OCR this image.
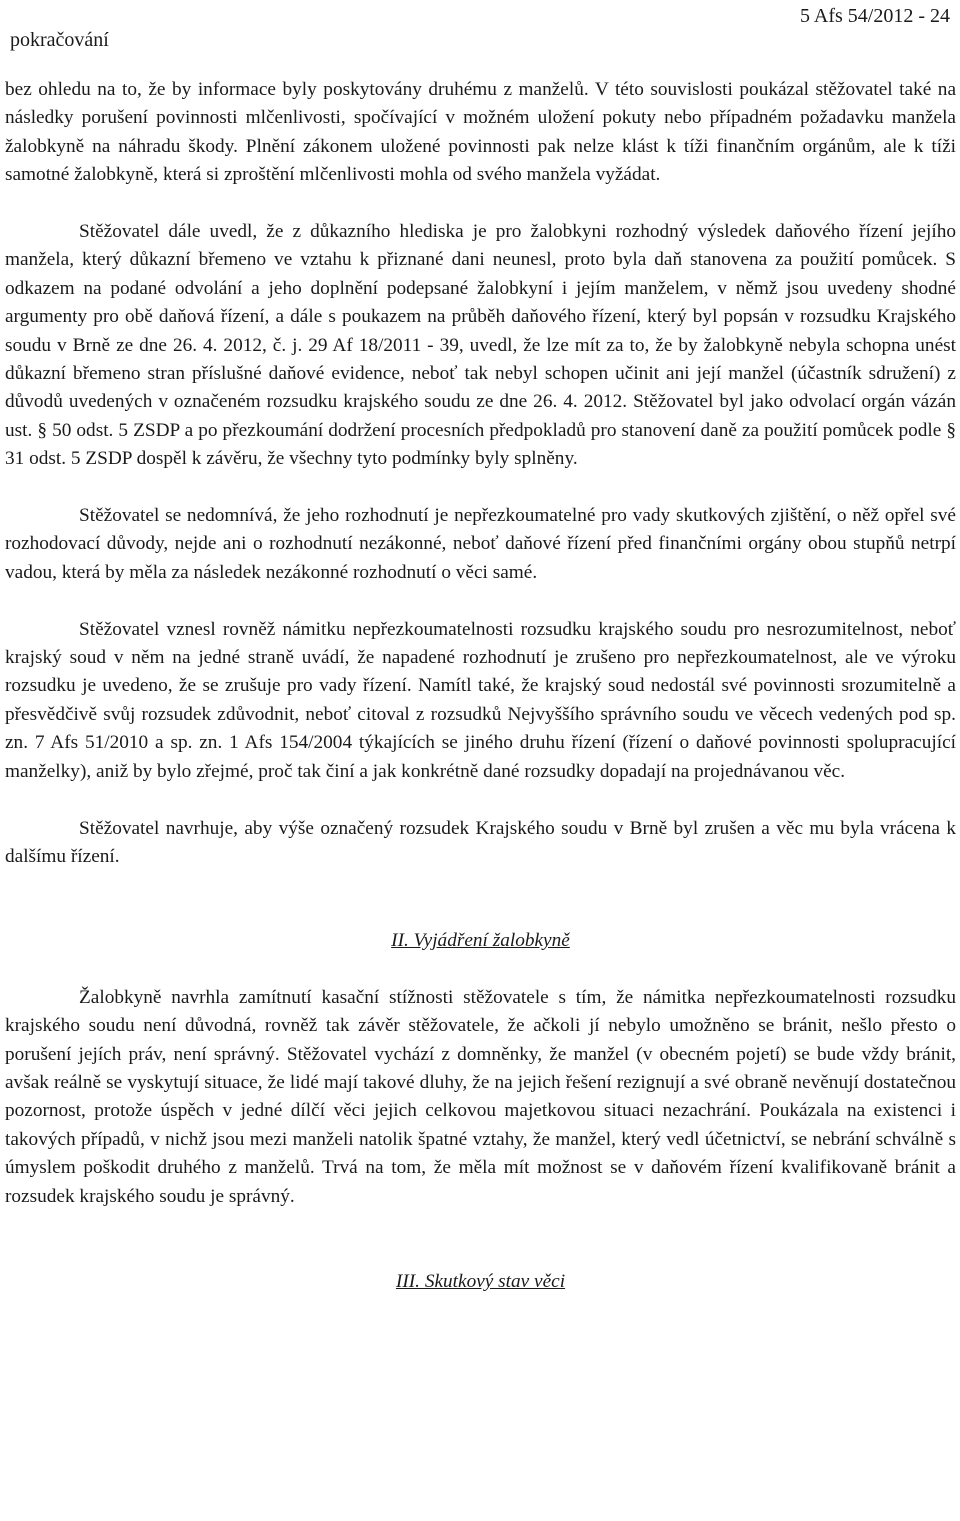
pokračování
5 Afs 54/2012 - 24

bez ohledu na to, že by informace byly poskytovány druhému z manželů. V této souvislosti poukázal stěžovatel také na následky porušení povinnosti mlčenlivosti, spočívající v možném uložení pokuty nebo případném požadavku manžela žalobkyně na náhradu škody. Plnění zákonem uložené povinnosti pak nelze klást k tíži finančním orgánům, ale k tíži samotné žalobkyně, která si zproštění mlčenlivosti mohla od svého manžela vyžádat.

Stěžovatel dále uvedl, že z důkazního hlediska je pro žalobkyni rozhodný výsledek daňového řízení jejího manžela, který důkazní břemeno ve vztahu k přiznané dani neunesl, proto byla daň stanovena za použití pomůcek. S odkazem na podané odvolání a jeho doplnění podepsané žalobkyní i jejím manželem, v němž jsou uvedeny shodné argumenty pro obě daňová řízení, a dále s poukazem na průběh daňového řízení, který byl popsán v rozsudku Krajského soudu v Brně ze dne 26. 4. 2012, č. j. 29 Af 18/2011 - 39, uvedl, že lze mít za to, že by žalobkyně nebyla schopna unést důkazní břemeno stran příslušné daňové evidence, neboť tak nebyl schopen učinit ani její manžel (účastník sdružení) z důvodů uvedených v označeném rozsudku krajského soudu ze dne 26. 4. 2012. Stěžovatel byl jako odvolací orgán vázán ust. § 50 odst. 5 ZSDP a po přezkoumání dodržení procesních předpokladů pro stanovení daně za použití pomůcek podle § 31 odst. 5 ZSDP dospěl k závěru, že všechny tyto podmínky byly splněny.

Stěžovatel se nedomnívá, že jeho rozhodnutí je nepřezkoumatelné pro vady skutkových zjištění, o něž opřel své rozhodovací důvody, nejde ani o rozhodnutí nezákonné, neboť daňové řízení před finančními orgány obou stupňů netrpí vadou, která by měla za následek nezákonné rozhodnutí o věci samé.

Stěžovatel vznesl rovněž námitku nepřezkoumatelnosti rozsudku krajského soudu pro nesrozumitelnost, neboť krajský soud v něm na jedné straně uvádí, že napadené rozhodnutí je zrušeno pro nepřezkoumatelnost, ale ve výroku rozsudku je uvedeno, že se zrušuje pro vady řízení. Namítl také, že krajský soud nedostál své povinnosti srozumitelně a přesvědčivě svůj rozsudek zdůvodnit, neboť citoval z rozsudků Nejvyššího správního soudu ve věcech vedených pod sp. zn. 7 Afs 51/2010 a sp. zn. 1 Afs 154/2004 týkajících se jiného druhu řízení (řízení o daňové povinnosti spolupracující manželky), aniž by bylo zřejmé, proč tak činí a jak konkrétně dané rozsudky dopadají na projednávanou věc.

Stěžovatel navrhuje, aby výše označený rozsudek Krajského soudu v Brně byl zrušen a věc mu byla vrácena k dalšímu řízení.

II. Vyjádření žalobkyně

Žalobkyně navrhla zamítnutí kasační stížnosti stěžovatele s tím, že námitka nepřezkoumatelnosti rozsudku krajského soudu není důvodná, rovněž tak závěr stěžovatele, že ačkoli jí nebylo umožněno se bránit, nešlo přesto o porušení jejích práv, není správný. Stěžovatel vychází z domněnky, že manžel (v obecném pojetí) se bude vždy bránit, avšak reálně se vyskytují situace, že lidé mají takové dluhy, že na jejich řešení rezignují a své obraně nevěnují dostatečnou pozornost, protože úspěch v jedné dílčí věci jejich celkovou majetkovou situaci nezachrání. Poukázala na existenci i takových případů, v nichž jsou mezi manželi natolik špatné vztahy, že manžel, který vedl účetnictví, se nebrání schválně s úmyslem poškodit druhého z manželů. Trvá na tom, že měla mít možnost se v daňovém řízení kvalifikovaně bránit a rozsudek krajského soudu je správný.

III. Skutkový stav věci
